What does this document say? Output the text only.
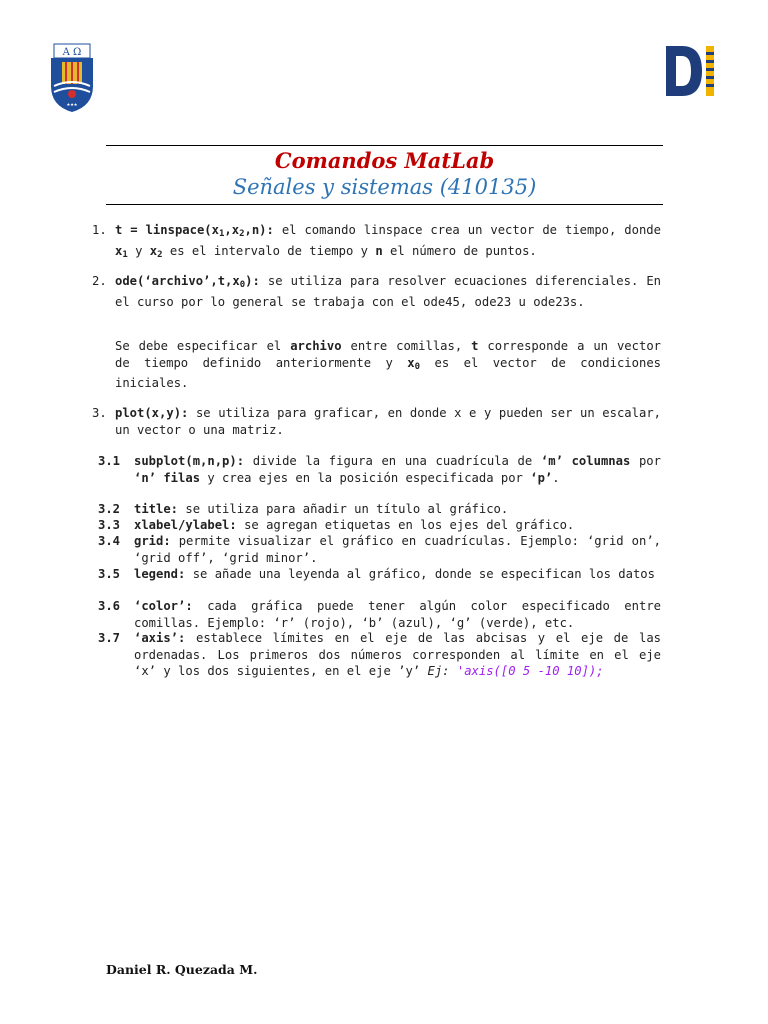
A Ω
★★★
Comandos MatLab
Señales y sistemas (410135)
1. $t = linspace(x_1,x_2,n)$: el comando linspace crea un vector de tiempo, donde $x_1$ y $x_2$ es el intervalo de tiempo y n el número de puntos.
2. $ode(‘archivo’,t,x_0)$: se utiliza para resolver ecuaciones diferenciales. En el curso por lo general se trabaja con el ode45, ode23 u ode23s.
Se debe especificar el archivo entre comillas, t corresponde a un vector de tiempo definido anteriormente y $x_0$ es el vector de condiciones iniciales.
3. plot(x,y): se utiliza para graficar, en donde x e y pueden ser un escalar, un vector o una matriz.
3.1 subplot(m,n,p): divide la figura en una cuadrícula de ‘m’ columnas por ‘n’ filas y crea ejes en la posición especificada por ‘p’.
3.2 title: se utiliza para añadir un título al gráfico.
3.3 xlabel/ylabel: se agregan etiquetas en los ejes del gráfico.
3.4 grid: permite visualizar el gráfico en cuadrículas. Ejemplo: ‘grid on’, ‘grid off’, ‘grid minor’.
3.5 legend: se añade una leyenda al gráfico, donde se especifican los datos
3.6 ‘color’: cada gráfica puede tener algún color especificado entre comillas. Ejemplo: ‘r’ (rojo), ‘b’ (azul), ‘g’ (verde), etc.
3.7 ‘axis’: establece límites en el eje de las abcisas y el eje de las ordenadas. Los primeros dos números corresponden al límite en el eje ‘x’ y los dos siguientes, en el eje ’y’ Ej: 'axis([0 5 -10 10]);
Daniel R. Quezada M.
